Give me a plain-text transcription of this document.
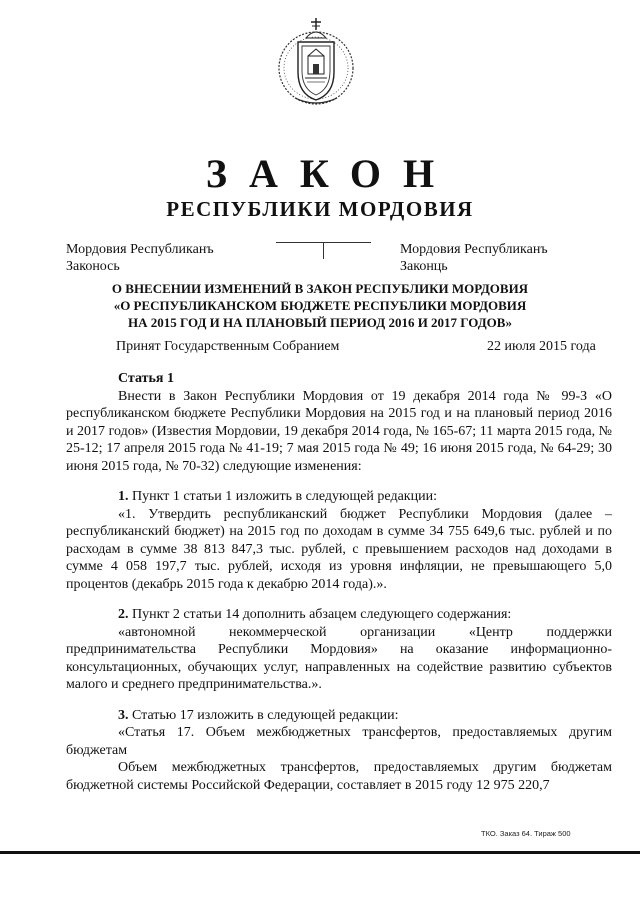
ЗАКОН
РЕСПУБЛИКИ МОРДОВИЯ
Мордовия Республиканъ
Законось
Мордовия Республиканъ
Законць
О ВНЕСЕНИИ ИЗМЕНЕНИЙ В ЗАКОН РЕСПУБЛИКИ МОРДОВИЯ
«О РЕСПУБЛИКАНСКОМ БЮДЖЕТЕ РЕСПУБЛИКИ МОРДОВИЯ
НА 2015 ГОД И НА ПЛАНОВЫЙ ПЕРИОД 2016 И 2017 ГОДОВ»
Принят Государственным Собранием	22 июля 2015 года

Статья 1

Внести в Закон Республики Мордовия от 19 декабря 2014 года № 99-З «О республиканском бюджете Республики Мордовия на 2015 год и на плановый период 2016 и 2017 годов» (Известия Мордовии, 19 декабря 2014 года, № 165-67; 11 марта 2015 года, № 25-12; 17 апреля 2015 года № 41-19; 7 мая 2015 года № 49; 16 июня 2015 года, № 64-29; 30 июня 2015 года, № 70-32) следующие изменения:

1. Пункт 1 статьи 1 изложить в следующей редакции:

«1. Утвердить республиканский бюджет Республики Мордовия (далее – республиканский бюджет) на 2015 год по доходам в сумме 34 755 649,6 тыс. рублей и по расходам в сумме 38 813 847,3 тыс. рублей, с превышением расходов над доходами в сумме 4 058 197,7 тыс. рублей, исходя из уровня инфляции, не превышающего 5,0 процентов (декабрь 2015 года к декабрю 2014 года).».

2. Пункт 2 статьи 14 дополнить абзацем следующего содержания:

«автономной некоммерческой организации «Центр поддержки предпринимательства Республики Мордовия» на оказание информационно-консультационных, обучающих услуг, направленных на содействие развитию субъектов малого и среднего предпринимательства.».

3. Статью 17 изложить в следующей редакции:

«Статья 17. Объем межбюджетных трансфертов, предоставляемых другим бюджетам

Объем межбюджетных трансфертов, предоставляемых другим бюджетам бюджетной системы Российской Федерации, составляет в 2015 году 12 975 220,7

ТКО. Заказ 64. Тираж 500
